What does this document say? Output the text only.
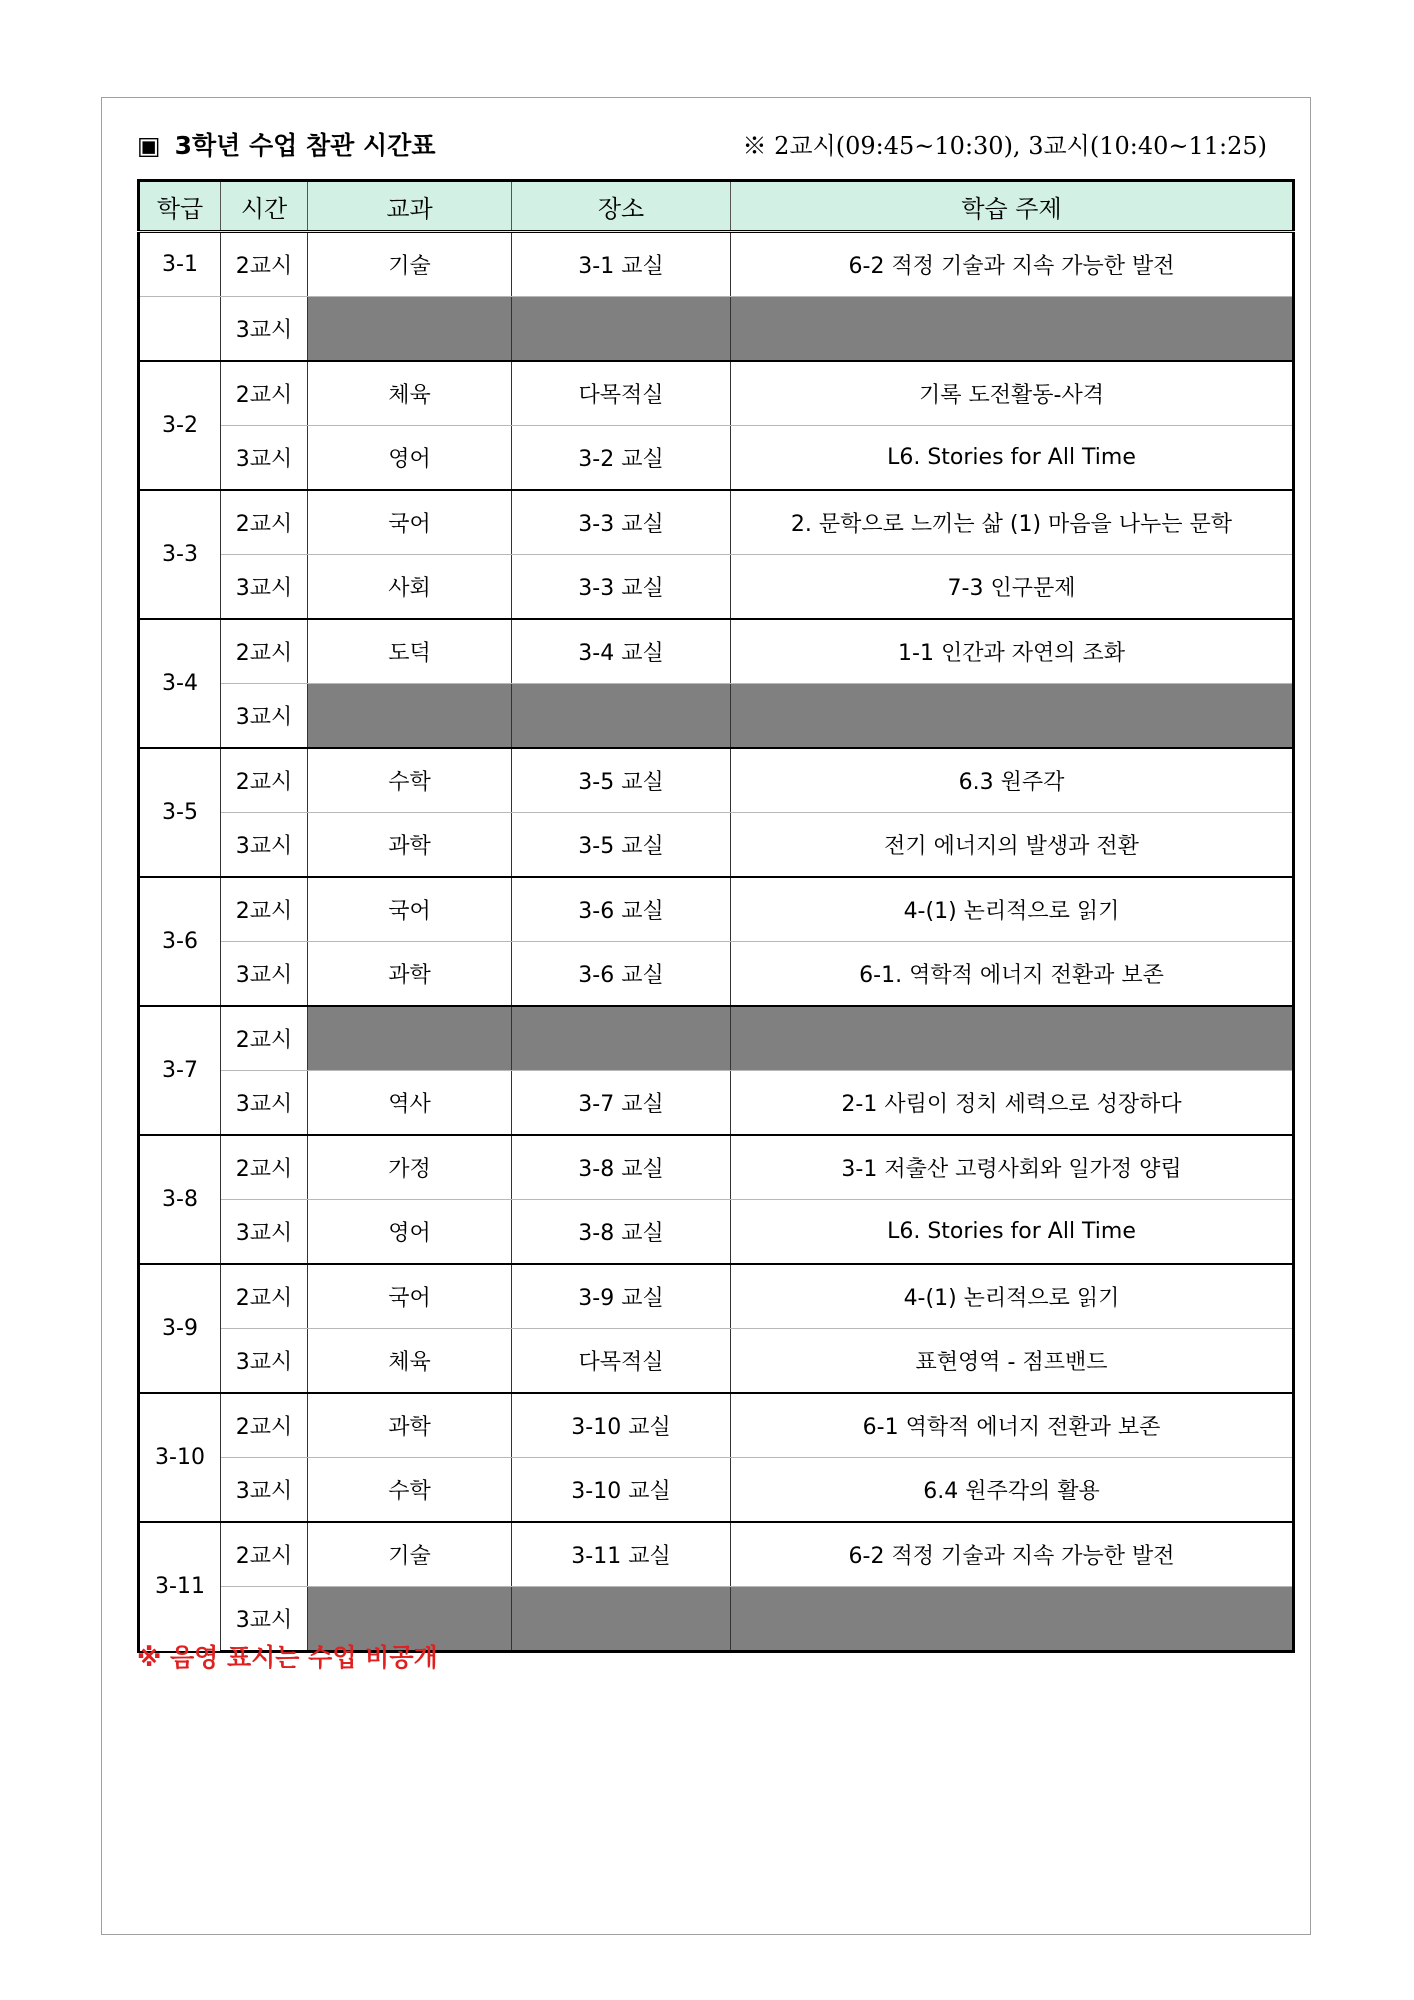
▣ 3학년 수업 참관 시간표	※ 2교시(09:45~10:30), 3교시(10:40~11:25)
학급	시간	교과	장소	학습 주제
3-1	2교시	기술	3-1 교실	6-2 적정 기술과 지속 가능한 발전
	3교시			
3-2	2교시	체육	다목적실	기록 도전활동-사격
	3교시	영어	3-2 교실	L6. Stories for All Time
3-3	2교시	국어	3-3 교실	2. 문학으로 느끼는 삶 (1) 마음을 나누는 문학
	3교시	사회	3-3 교실	7-3 인구문제
3-4	2교시	도덕	3-4 교실	1-1 인간과 자연의 조화
	3교시			
3-5	2교시	수학	3-5 교실	6.3 원주각
	3교시	과학	3-5 교실	전기 에너지의 발생과 전환
3-6	2교시	국어	3-6 교실	4-(1) 논리적으로 읽기
	3교시	과학	3-6 교실	6-1. 역학적 에너지 전환과 보존
3-7	2교시			
	3교시	역사	3-7 교실	2-1 사림이 정치 세력으로 성장하다
3-8	2교시	가정	3-8 교실	3-1 저출산 고령사회와 일가정 양립
	3교시	영어	3-8 교실	L6. Stories for All Time
3-9	2교시	국어	3-9 교실	4-(1) 논리적으로 읽기
	3교시	체육	다목적실	표현영역 - 점프밴드
3-10	2교시	과학	3-10 교실	6-1 역학적 에너지 전환과 보존
	3교시	수학	3-10 교실	6.4 원주각의 활용
3-11	2교시	기술	3-11 교실	6-2 적정 기술과 지속 가능한 발전
	3교시			
※ 음영 표시는 수업 비공개
